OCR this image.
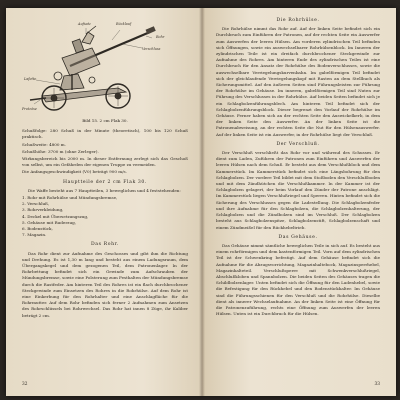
Aufsatz	Rücklauf
Verschluss
Rohr
Lafette
Protzöse

Bild 15. 2 cm Flak 30.

Schußfolge: 280 Schuß in der Minute (theoretisch), 100 bis 120 Schuß praktisch.

Schußweite: 4800 m.

Schußhöhe: 3700 m (ohne Zerleger).

Wirkungsbereich bis 2000 m. In dieser Entfernung zerlegt sich das Geschoß von selbst, um ein Gefährden der eigenen Truppe zu vermeiden.

Die Anfangsgeschwindigkeit (V0) beträgt 900 m/s.

Hauptteile der 2 cm Flak 30.

Die Waffe besteht aus 7 Hauptteilen, 3 beweglichen und 4 feststehenden:

1. Rohr mit Rohrhülse und Mündungsbremse,
2. Verschluß,
3. Rohrverkleidung,
4. Deckel mit Übersetzungszug,
5. Gehäuse mit Ruderzug,
6. Bodenstück,
7. Magazin.
Das Rohr.

Das Rohr dient zur Aufnahme des Geschosses und gibt ihm die Richtung und Drehung. Es ist 1,30 m lang und besteht aus einem Ladungsraum, dem Übergangskegel und dem gezogenen Teil, dem Patronenlager. In der Rohrbettung befindet sich ein Gewinde zum Aufschrauben der Mündungsbremse, sowie eine Polsterung zum Festhalten der Mündungsbremse durch die Rastfeder. Am hinteren Teil des Rohres ist ein flach durchbrochener Steckgewinde zum Einsetzen des Rohres in die Rohrhülse. Auf dem Rohr ist eine Einkerbung für den Rohrhalter und eine Anschlagfläche für die Rohrmutter. Auf dem Rohr befinden sich ferner 2 Aufnahmen zum Ansetzen des Rohrschlüssels bei Rohrwechsel. Das Rohr hat innen 8 Züge, ihr Kaliber beträgt 2 cm.

32
Die Rohrhülse.

Die Rohrhülse nimmt das Rohr auf. Auf der linken Seite befindet sich ein Durchbruch zum Einführen der Patronen, auf der rechten Seite ein Auswerfer zum Auswerfen der leeren Hülsen. Am vorderen zylindrischen Teil befinden sich Öffnungen, sowie ein auswechselbarer Rohrhülsenblock. Im Inneren der zylindrischen Teile ist ein dreifach durchbrochener Steckgewinde zur Aufnahme des Rohres. Am hinteren Ende des zylindrischen Teiles ist eine Durchbruch für den Ansatz der Rohrhülse des Bodenverschlusses, sowie die auswechselbare Verriegelungskurvenbahn. Im gabelförmigen Teil befindet sich der gleichlaufende Verriegelungskopf mit Rasten an dem Stellbuch als Sicherungsmittel. Auf den äußeren Seiten sind Führungsleisten zur Führung der Rohrhülse im Gehäuse. Im inneren, gabelförmigen Teil sind Nuten zur Führung des Verschlusses in der Rohrhülse. Auf beiden Seiten befindet sich je ein Schlagbolzenführungsblech. Am hinteren Teil befindet sich der Schlagbolzenführungsblock. Dieser begrenzt den Vorlauf der Rohrhülse im Gehäuse. Ferner haben sich an der rechten Seite den Auswickelkerb, in dem der linken Seite den Auswerfer. An der linken Seite ist die Patronenabweisung, an der rechten Seite die Nut für den Hülsenauswerfer. Auf der linken Seite ist ein Auswerfer, in der Rohrhülse liegt der Verschluß.

Der Verschluß.

Der Verschluß verschließt das Rohr vor und während des Schusses. Er dient zum Laden, Zuführen der Patronen zum Einführen und Auswerfen der leeren Hülsen nach dem Schuß. Er besteht aus dem Verschlußblock und dem Kammerstück. Im Kammerstück befindet sich eine Längsbohrung für den Schlagbolzen. Der vordere Teil bildet mit dem Stoßboden den Verschlußboden und mit dem Zündhütchen die Verschlußkammer. In der Kammer ist der Schlagbolzen gelagert, der beim Vorlauf den Zünder der Patrone anschlägt. Im Kammerstück liegen Verschlußriegel und Sperren. Hinten befindet sich die Sicherung des Verschlusses gegen die Ladestellung. Die Schlagbolzenfeder und ihre Aufnahme für den Schlagbolzen, die Schlagbolzenhalterung, der Schlagbolzen und die Zündbolzen sind im Verschluß. Der Schlagbolzen besteht aus Schlagbolzenspitze, Schlagbolzenstift, Schlagbolzenschaft und einem Zündmeißel für den Rückhebeltrieb.

Das Gehäuse.

Das Gehäuse nimmt sämtliche beweglichen Teile in sich auf. Es besteht aus einem rohrförmigen und dem kastenförmigen Teil. Vorn auf dem zylindrischen Teil ist der Schwenkring befestigt. Auf dem Gehäuse befindet sich die Aufnahme für die Abzugsvorrichtung, Magazinhaltebock, Magazinsperrhebel, Magazinhalteteil. Verschlußsperre mit Schwenkverschlußriegel, Abschlußkloben und Spannbolzen. Die beiden Seiten des Gehäuses tragen die Schildbolzenlager. Unten befindet sich die Öffnung für den Ladenhebel, sowie die Befestigung für den Rückhebel und den Bodenstückhalter. Im Gehäuse sind die Führungsschienen für den Verschluß und die Rohrhülse. Dieselbe dient als innerer Wechselaufnahme. An der linken Seite ist eine Öffnung für die Patronenzuführung, rechts eine Öffnung zum Auswerfen der leeren Hülsen. Unten ist ein Durchbruch für die Hülsen.

33
